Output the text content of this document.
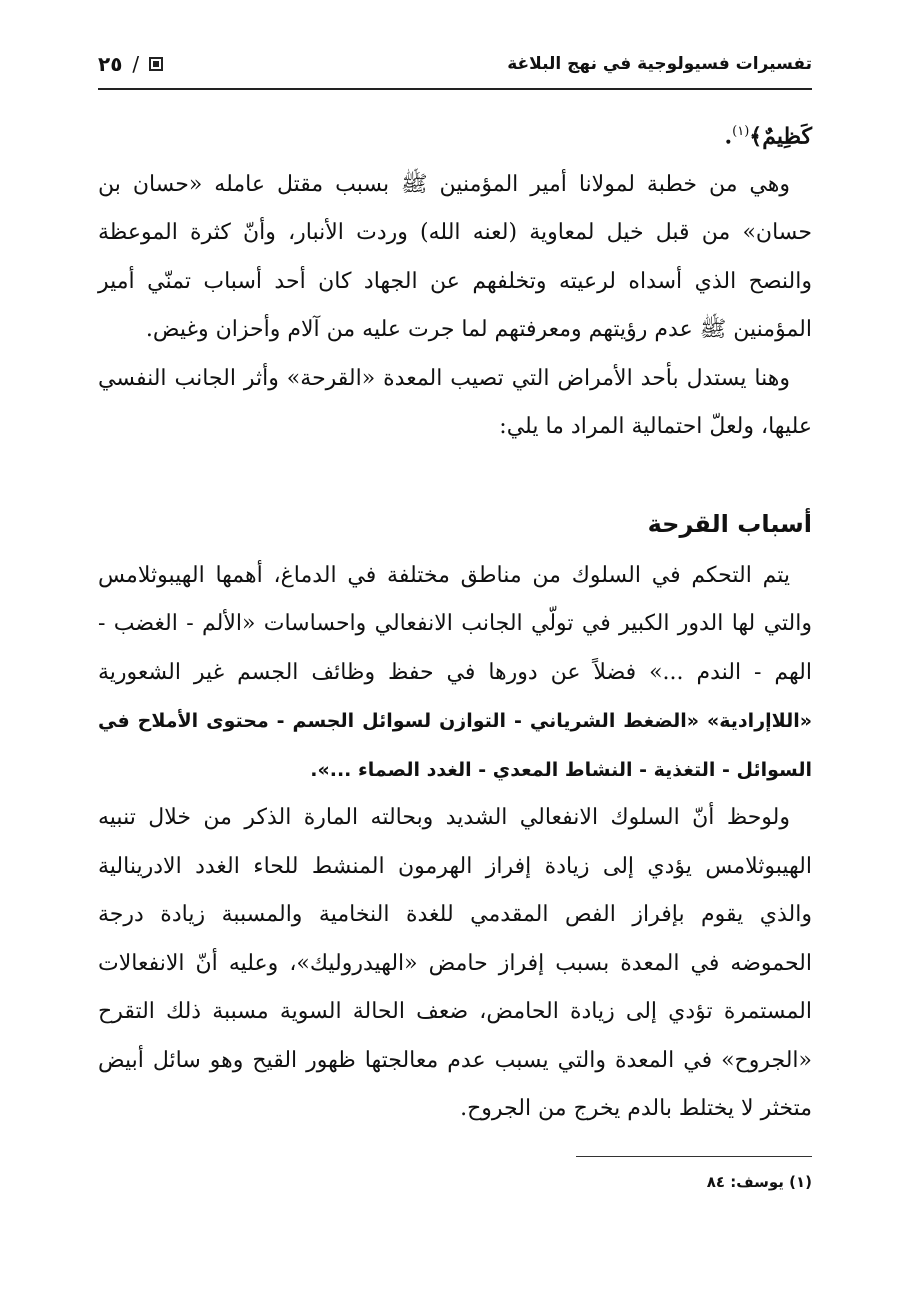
تفسيرات فسيولوجية في نهج البلاغة
٢٥ /

كَظِيمٌ﴾$^{(١)}$.

وهي من خطبة لمولانا أمير المؤمنين ﷺ بسبب مقتل عامله «حسان بن حسان» من قبل خيل لمعاوية (لعنه الله) وردت الأنبار، وأنّ كثرة الموعظة والنصح الذي أسداه لرعيته وتخلفهم عن الجهاد كان أحد أسباب تمنّي أمير المؤمنين ﷺ عدم رؤيتهم ومعرفتهم لما جرت عليه من آلام وأحزان وغيض.

وهنا يستدل بأحد الأمراض التي تصيب المعدة «القرحة» وأثر الجانب النفسي عليها، ولعلّ احتمالية المراد ما يلي:

أسباب القرحة

يتم التحكم في السلوك من مناطق مختلفة في الدماغ، أهمها الهيبوثلامس والتي لها الدور الكبير في تولّي الجانب الانفعالي واحساسات «الألم - الغضب - الهم - الندم ...» فضلاً عن دورها في حفظ وظائف الجسم غير الشعورية «اللاإرادية» «الضغط الشرياني - التوازن لسوائل الجسم - محتوى الأملاح في السوائل - التغذية - النشاط المعدي - الغدد الصماء ...».

ولوحظ أنّ السلوك الانفعالي الشديد وبحالته المارة الذكر من خلال تنبيه الهيبوثلامس يؤدي إلى زيادة إفراز الهرمون المنشط للحاء الغدد الادرينالية والذي يقوم بإفراز الفص المقدمي للغدة النخامية والمسببة زيادة درجة الحموضه في المعدة بسبب إفراز حامض «الهيدروليك»، وعليه أنّ الانفعالات المستمرة تؤدي إلى زيادة الحامض، ضعف الحالة السوية مسببة ذلك التقرح «الجروح» في المعدة والتي يسبب عدم معالجتها ظهور القيح وهو سائل أبيض متخثر لا يختلط بالدم يخرج من الجروح.

(١) يوسف: ٨٤
